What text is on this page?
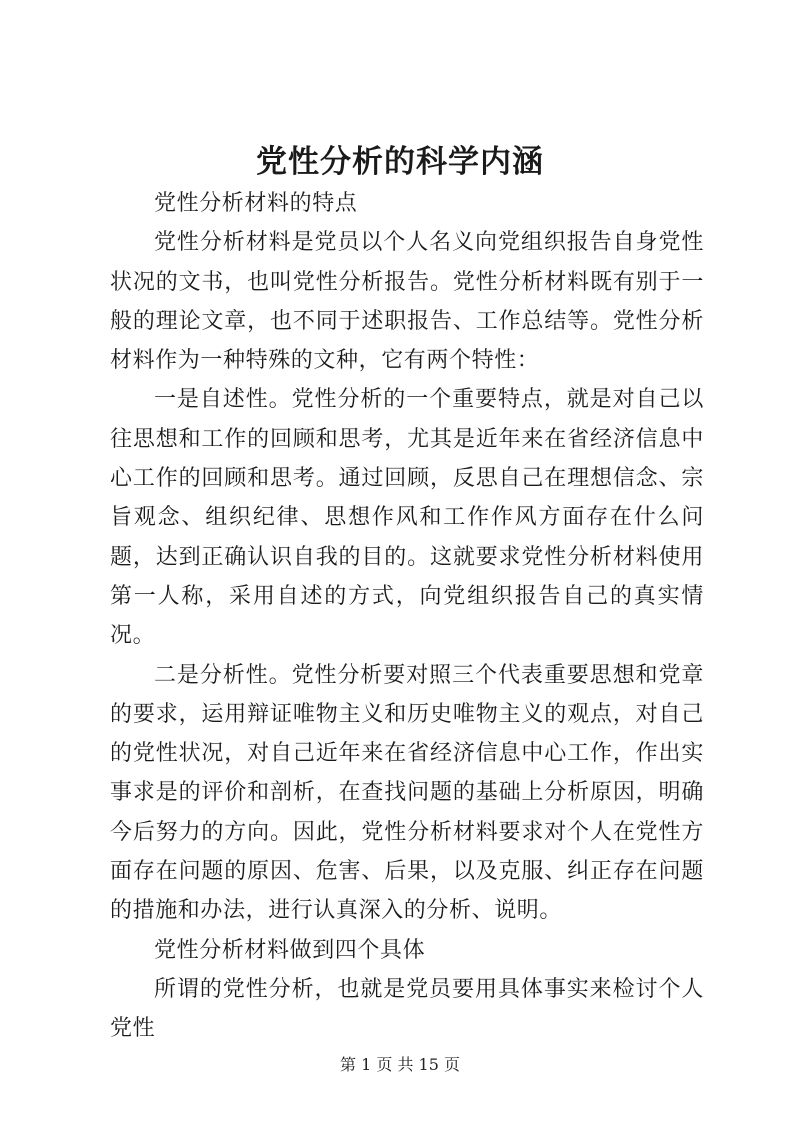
党性分析的科学内涵

党性分析材料的特点

党性分析材料是党员以个人名义向党组织报告自身党性状况的文书，也叫党性分析报告。党性分析材料既有别于一般的理论文章，也不同于述职报告、工作总结等。党性分析材料作为一种特殊的文种，它有两个特性：

一是自述性。党性分析的一个重要特点，就是对自己以往思想和工作的回顾和思考，尤其是近年来在省经济信息中心工作的回顾和思考。通过回顾，反思自己在理想信念、宗旨观念、组织纪律、思想作风和工作作风方面存在什么问题，达到正确认识自我的目的。这就要求党性分析材料使用第一人称，采用自述的方式，向党组织报告自己的真实情况。

二是分析性。党性分析要对照三个代表重要思想和党章的要求，运用辩证唯物主义和历史唯物主义的观点，对自己的党性状况，对自己近年来在省经济信息中心工作，作出实事求是的评价和剖析，在查找问题的基础上分析原因，明确今后努力的方向。因此，党性分析材料要求对个人在党性方面存在问题的原因、危害、后果，以及克服、纠正存在问题的措施和办法，进行认真深入的分析、说明。

党性分析材料做到四个具体

所谓的党性分析，也就是党员要用具体事实来检讨个人党性

第 1 页 共 15 页
